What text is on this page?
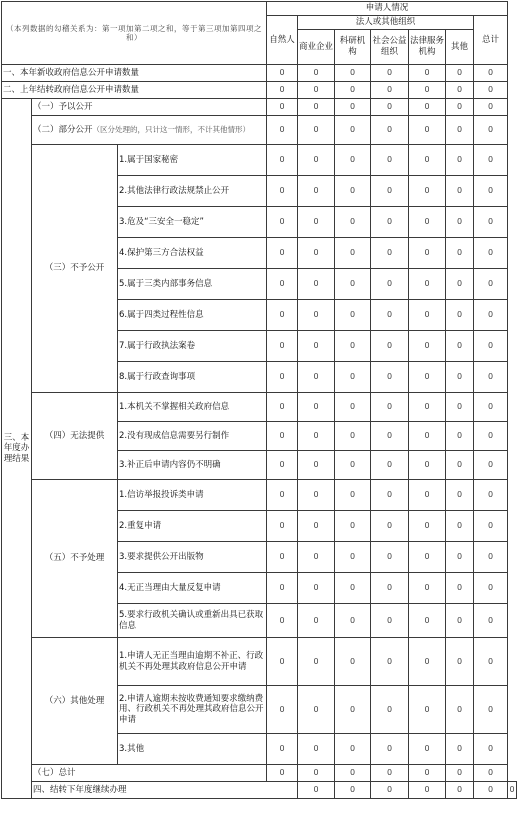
（本列数据的勾稽关系为：第一项加第二项之和，等于第三项加第四项之和）			申请人情况							
			自然人	法人或其他组织					总计	
				商业企业	科研机构	社会公益组织	法律服务机构	其他		
一、本年新收政府信息公开申请数量			0	0	0	0	0	0	0	
二、上年结转政府信息公开申请数量			0	0	0	0	0	0	0	
三、本年度办理结果	（一）予以公开		0	0	0	0	0	0	0	
	（二）部分公开（区分处理的，只计这一情形，不计其他情形）		0	0	0	0	0	0	0	
	（三）不予公开	1.属于国家秘密	0	0	0	0	0	0	0	
		2.其他法律行政法规禁止公开	0	0	0	0	0	0	0	
		3.危及“三安全一稳定”	0	0	0	0	0	0	0	
		4.保护第三方合法权益	0	0	0	0	0	0	0	
		5.属于三类内部事务信息	0	0	0	0	0	0	0	
		6.属于四类过程性信息	0	0	0	0	0	0	0	
		7.属于行政执法案卷	0	0	0	0	0	0	0	
		8.属于行政查询事项	0	0	0	0	0	0	0	
	（四）无法提供	1.本机关不掌握相关政府信息	0	0	0	0	0	0	0	
		2.没有现成信息需要另行制作	0	0	0	0	0	0	0	
		3.补正后申请内容仍不明确	0	0	0	0	0	0	0	
	（五）不予处理	1.信访举报投诉类申请	0	0	0	0	0	0	0	
		2.重复申请	0	0	0	0	0	0	0	
		3.要求提供公开出版物	0	0	0	0	0	0	0	
		4.无正当理由大量反复申请	0	0	0	0	0	0	0	
		5.要求行政机关确认或重新出具已获取信息	0	0	0	0	0	0	0	
	（六）其他处理	1.申请人无正当理由逾期不补正、行政机关不再处理其政府信息公开申请	0	0	0	0	0	0	0	
		2.申请人逾期未按收费通知要求缴纳费用、行政机关不再处理其政府信息公开申请	0	0	0	0	0	0	0	
		3.其他	0	0	0	0	0	0	0	
	（七）总计		0	0	0	0	0	0	0	
	四、结转下年度继续办理			0	0	0	0	0	0	0
